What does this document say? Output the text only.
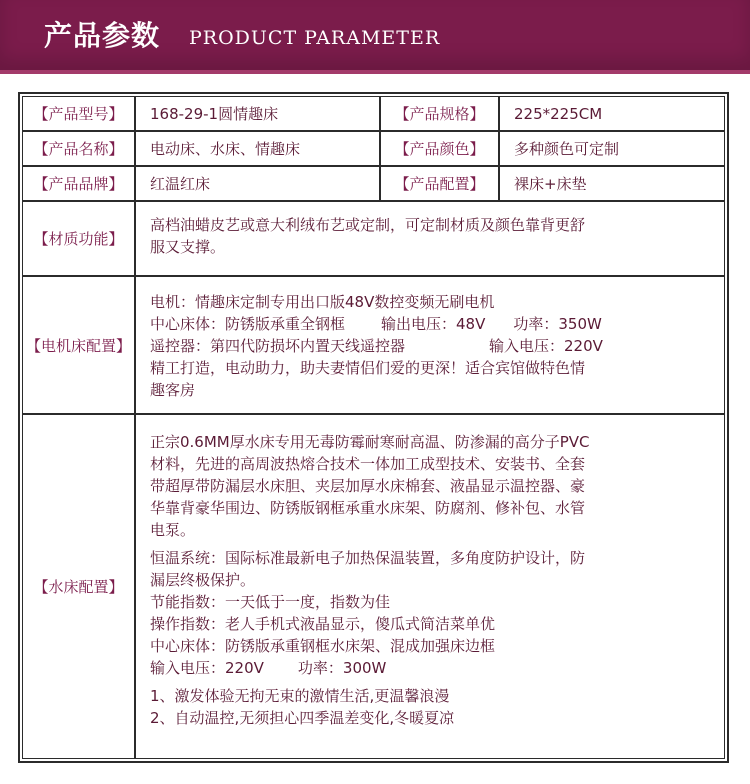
产品参数 PRODUCT PARAMETER
【产品型号】	168-29-1圆情趣床	【产品规格】	225*225CM
【产品名称】	电动床、水床、情趣床	【产品颜色】	多种颜色可定制
【产品品牌】	红温红床	【产品配置】	裸床+床垫
【材质功能】
高档油蜡皮艺或意大利绒布艺或定制，可定制材质及颜色靠背更舒
服又支撑。
【电机床配置】
电机：情趣床定制专用出口版48V数控变频无刷电机
中心床体：防锈版承重全钢框 输出电压：48V 功率：350W
遥控器：第四代防损坏内置天线遥控器	输入电压：220V
精工打造，电动助力，助夫妻情侣们爱的更深！适合宾馆做特色情
趣客房
【水床配置】
正宗0.6MM厚水床专用无毒防霉耐寒耐高温、防渗漏的高分子PVC
材料，先进的高周波热熔合技术一体加工成型技术、安装书、全套
带超厚带防漏层水床胆、夹层加厚水床棉套、液晶显示温控器、豪
华靠背豪华围边、防锈版钢框承重水床架、防腐剂、修补包、水管
电泵。
恒温系统：国际标准最新电子加热保温装置，多角度防护设计，防
漏层终极保护。
节能指数：一天低于一度，指数为佳
操作指数：老人手机式液晶显示，傻瓜式简洁菜单优
中心床体：防锈版承重钢框水床架、混成加强床边框
输入电压：220V 功率：300W
1、激发体验无拘无束的激情生活,更温馨浪漫
2、自动温控,无须担心四季温差变化,冬暖夏凉
